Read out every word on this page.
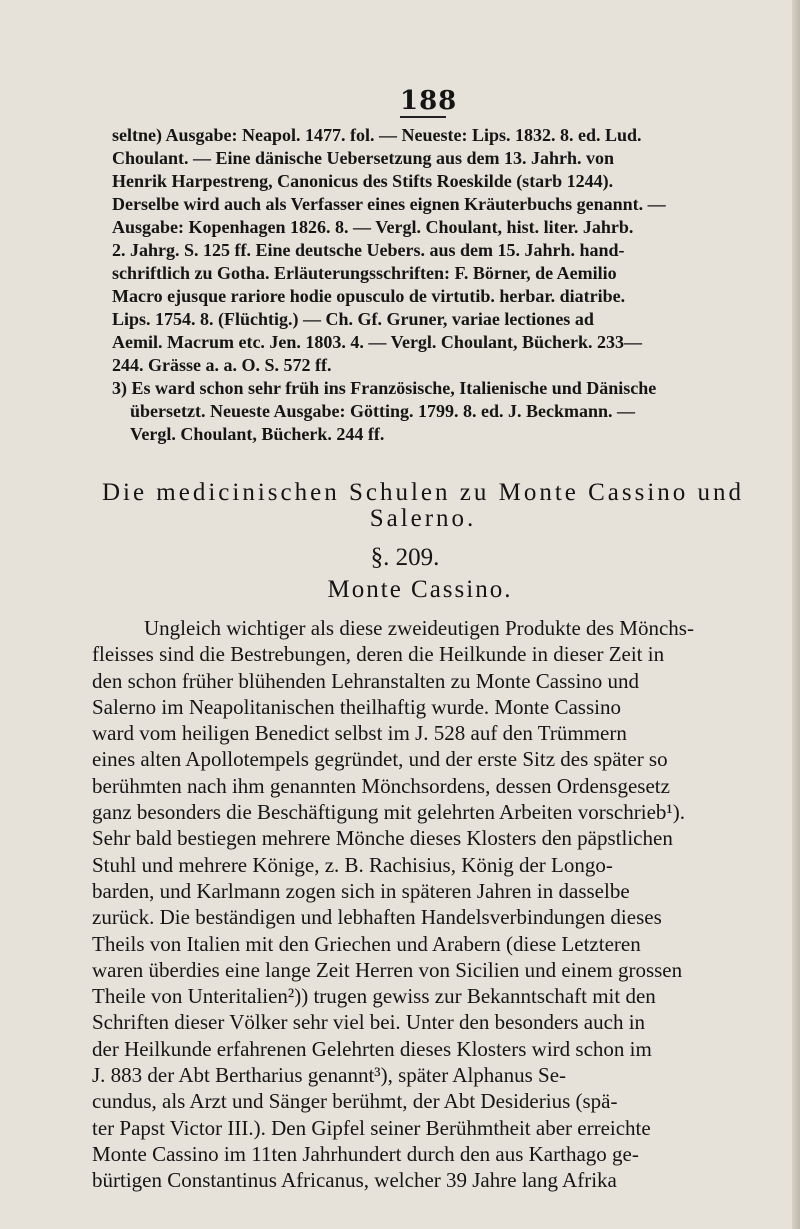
188
seltne) Ausgabe: Neapol. 1477. fol. — Neueste: Lips. 1832. 8. ed. Lud.
Choulant. — Eine dänische Uebersetzung aus dem 13. Jahrh. von
Henrik Harpestreng, Canonicus des Stifts Roeskilde (starb 1244).
Derselbe wird auch als Verfasser eines eignen Kräuterbuchs genannt. —
Ausgabe: Kopenhagen 1826. 8. — Vergl. Choulant, hist. liter. Jahrb.
2. Jahrg. S. 125 ff. Eine deutsche Uebers. aus dem 15. Jahrh. hand-
schriftlich zu Gotha. Erläuterungsschriften: F. Börner, de Aemilio
Macro ejusque rariore hodie opusculo de virtutib. herbar. diatribe.
Lips. 1754. 8. (Flüchtig.) — Ch. Gf. Gruner, variae lectiones ad
Aemil. Macrum etc. Jen. 1803. 4. — Vergl. Choulant, Bücherk. 233—
244. Grässe a. a. O. S. 572 ff.
3) Es ward schon sehr früh ins Französische, Italienische und Dänische
übersetzt. Neueste Ausgabe: Götting. 1799. 8. ed. J. Beckmann. —
Vergl. Choulant, Bücherk. 244 ff.
Die medicinischen Schulen zu Monte Cassino und
Salerno.
§. 209.
Monte Cassino.
Ungleich wichtiger als diese zweideutigen Produkte des Mönchs-
fleisses sind die Bestrebungen, deren die Heilkunde in dieser Zeit in
den schon früher blühenden Lehranstalten zu Monte Cassino und
Salerno im Neapolitanischen theilhaftig wurde. Monte Cassino
ward vom heiligen Benedict selbst im J. 528 auf den Trümmern
eines alten Apollotempels gegründet, und der erste Sitz des später so
berühmten nach ihm genannten Mönchsordens, dessen Ordensgesetz
ganz besonders die Beschäftigung mit gelehrten Arbeiten vorschrieb¹).
Sehr bald bestiegen mehrere Mönche dieses Klosters den päpstlichen
Stuhl und mehrere Könige, z. B. Rachisius, König der Longo-
barden, und Karlmann zogen sich in späteren Jahren in dasselbe
zurück. Die beständigen und lebhaften Handelsverbindungen dieses
Theils von Italien mit den Griechen und Arabern (diese Letzteren
waren überdies eine lange Zeit Herren von Sicilien und einem grossen
Theile von Unteritalien²)) trugen gewiss zur Bekanntschaft mit den
Schriften dieser Völker sehr viel bei. Unter den besonders auch in
der Heilkunde erfahrenen Gelehrten dieses Klosters wird schon im
J. 883 der Abt Bertharius genannt³), später Alphanus Se-
cundus, als Arzt und Sänger berühmt, der Abt Desiderius (spä-
ter Papst Victor III.). Den Gipfel seiner Berühmtheit aber erreichte
Monte Cassino im 11ten Jahrhundert durch den aus Karthago ge-
bürtigen Constantinus Africanus, welcher 39 Jahre lang Afrika
